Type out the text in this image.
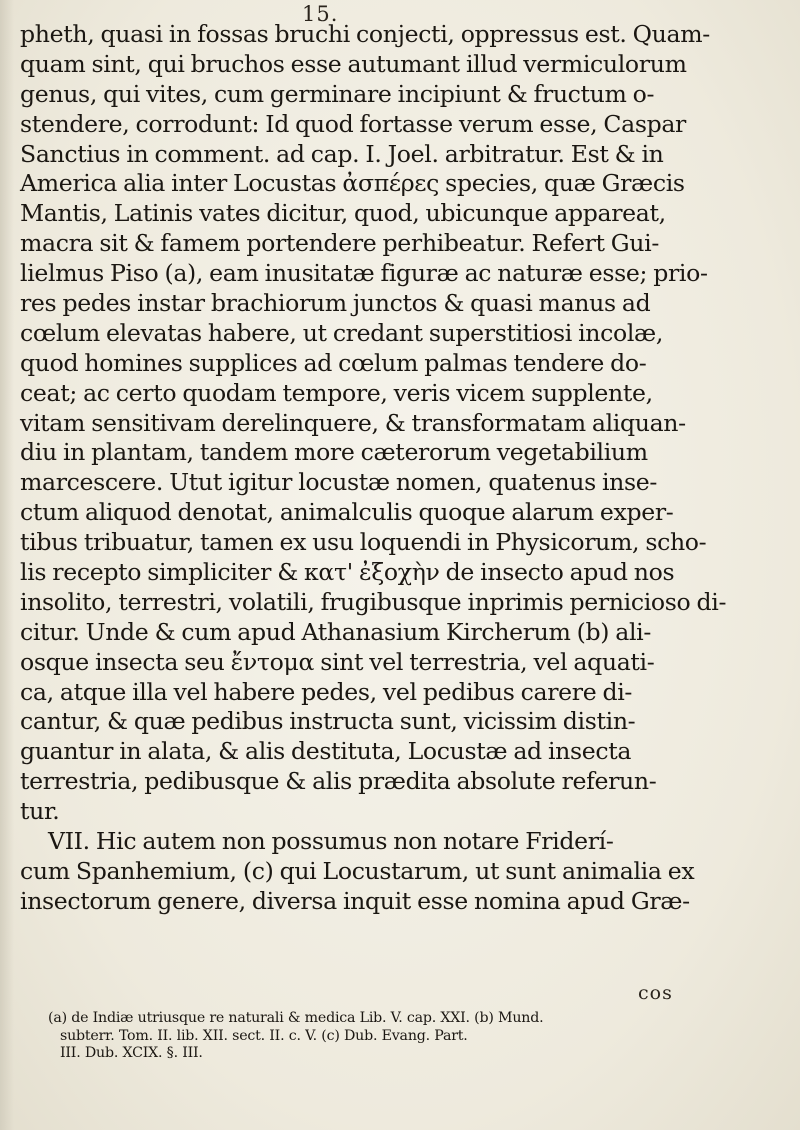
15.
pheth, quasi in fossas bruchi conjecti, oppressus est. Quam-
quam sint, qui bruchos esse autumant illud vermiculorum
genus, qui vites, cum germinare incipiunt & fructum o-
stendere, corrodunt: Id quod fortasse verum esse, Caspar
Sanctius in comment. ad cap. I. Joel. arbitratur. Est & in
America alia inter Locustas ἀσπέρες species, quæ Græcis
Mantis, Latinis vates dicitur, quod, ubicunque appareat,
macra sit & famem portendere perhibeatur. Refert Gui-
lielmus Piso (a), eam inusitatæ figuræ ac naturæ esse; prio-
res pedes instar brachiorum junctos & quasi manus ad
cœlum elevatas habere, ut credant superstitiosi incolæ,
quod homines supplices ad cœlum palmas tendere do-
ceat; ac certo quodam tempore, veris vicem supplente,
vitam sensitivam derelinquere, & transformatam aliquan-
diu in plantam, tandem more cæterorum vegetabilium
marcescere. Utut igitur locustæ nomen, quatenus inse-
ctum aliquod denotat, animalculis quoque alarum exper-
tibus tribuatur, tamen ex usu loquendi in Physicorum, scho-
lis recepto simpliciter & κατ' ἐξοχὴν de insecto apud nos
insolito, terrestri, volatili, frugibusque inprimis pernicioso di-
citur. Unde & cum apud Athanasium Kircherum (b) ali-
osque insecta seu ἔντομα sint vel terrestria, vel aquati-
ca, atque illa vel habere pedes, vel pedibus carere di-
cantur, & quæ pedibus instructa sunt, vicissim distin-
guantur in alata, & alis destituta, Locustæ ad insecta
terrestria, pedibusque & alis prædita absolute referun-
tur.
VII. Hic autem non possumus non notare Friderí-
cum Spanhemium, (c) qui Locustarum, ut sunt animalia ex
insectorum genere, diversa inquit esse nomina apud Græ-
cos
(a) de Indiæ utriusque re naturali & medica Lib. V. cap. XXI. (b) Mund.
subterr. Tom. II. lib. XII. sect. II. c. V. (c) Dub. Evang. Part.
III. Dub. XCIX. §. III.
